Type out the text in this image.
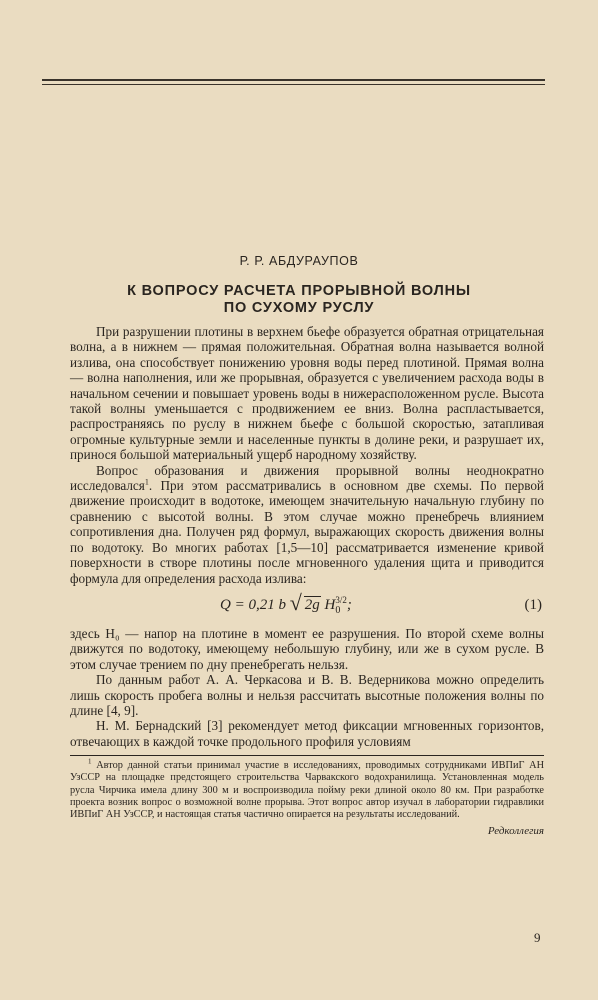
Р. Р. АБДУРАУПОВ
К ВОПРОСУ РАСЧЕТА ПРОРЫВНОЙ ВОЛНЫ
ПО СУХОМУ РУСЛУ

При разрушении плотины в верхнем бьефе образуется обратная отрицательная волна, а в нижнем — прямая положительная. Обратная волна называется волной излива, она способствует понижению уровня воды перед плотиной. Прямая волна — волна наполнения, или же прорывная, образуется с увеличением расхода воды в начальном сечении и повышает уровень воды в нижерасположенном русле. Высота такой волны уменьшается с продвижением ее вниз. Волна распластывается, распространяясь по руслу в нижнем бьефе с большой скоростью, затапливая огромные культурные земли и населенные пункты в долине реки, и разрушает их, принося большой материальный ущерб народному хозяйству.

Вопрос образования и движения прорывной волны неоднократно исследовался$^1$. При этом рассматривались в основном две схемы. По первой движение происходит в водотоке, имеющем значительную начальную глубину по сравнению с высотой волны. В этом случае можно пренебречь влиянием сопротивления дна. Получен ряд формул, выражающих скорость движения волны по водотоку. Во многих работах [1,5—10] рассматривается изменение кривой поверхности в створе плотины после мгновенного удаления щита и приводится формула для определения расхода излива:

Q = 0,21 b √ 2g $H_0^{3/2}$;	(1)

здесь H₀ — напор на плотине в момент ее разрушения. По второй схеме волны движутся по водотоку, имеющему небольшую глубину, или же в сухом русле. В этом случае трением по дну пренебрегать нельзя.

По данным работ А. А. Черкасова и В. В. Ведерникова можно определить лишь скорость пробега волны и нельзя рассчитать высотные положения волны по длине [4, 9].

Н. М. Бернадский [3] рекомендует метод фиксации мгновенных горизонтов, отвечающих в каждой точке продольного профиля условиям

$^1$ Автор данной статьи принимал участие в исследованиях, проводимых сотрудниками ИВПиГ АН УзССР на площадке предстоящего строительства Чарвакского водохранилища. Установленная модель русла Чирчика имела длину 300 м и воспроизводила пойму реки длиной около 80 км. При разработке проекта возник вопрос о возможной волне прорыва. Этот вопрос автор изучал в лаборатории гидравлики ИВПиГ АН УзССР, и настоящая статья частично опирается на результаты исследований.

Редколлегия
9
